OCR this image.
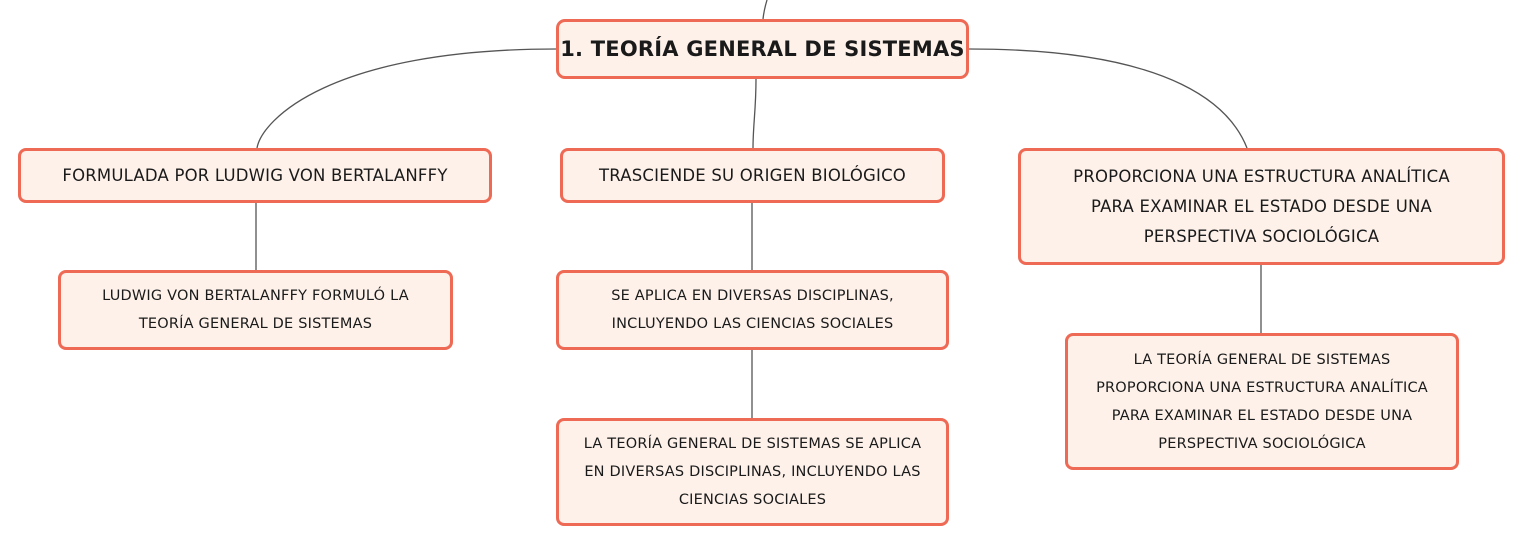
1. TEORÍA GENERAL DE SISTEMAS
FORMULADA POR LUDWIG VON BERTALANFFY	TRASCIENDE SU ORIGEN BIOLÓGICO	PROPORCIONA UNA ESTRUCTURA ANALÍTICA
PARA EXAMINAR EL ESTADO DESDE UNA
PERSPECTIVA SOCIOLÓGICA
LUDWIG VON BERTALANFFY FORMULÓ LA
TEORÍA GENERAL DE SISTEMAS
SE APLICA EN DIVERSAS DISCIPLINAS,
INCLUYENDO LAS CIENCIAS SOCIALES
LA TEORÍA GENERAL DE SISTEMAS SE APLICA
EN DIVERSAS DISCIPLINAS, INCLUYENDO LAS
CIENCIAS SOCIALES
LA TEORÍA GENERAL DE SISTEMAS
PROPORCIONA UNA ESTRUCTURA ANALÍTICA
PARA EXAMINAR EL ESTADO DESDE UNA
PERSPECTIVA SOCIOLÓGICA
